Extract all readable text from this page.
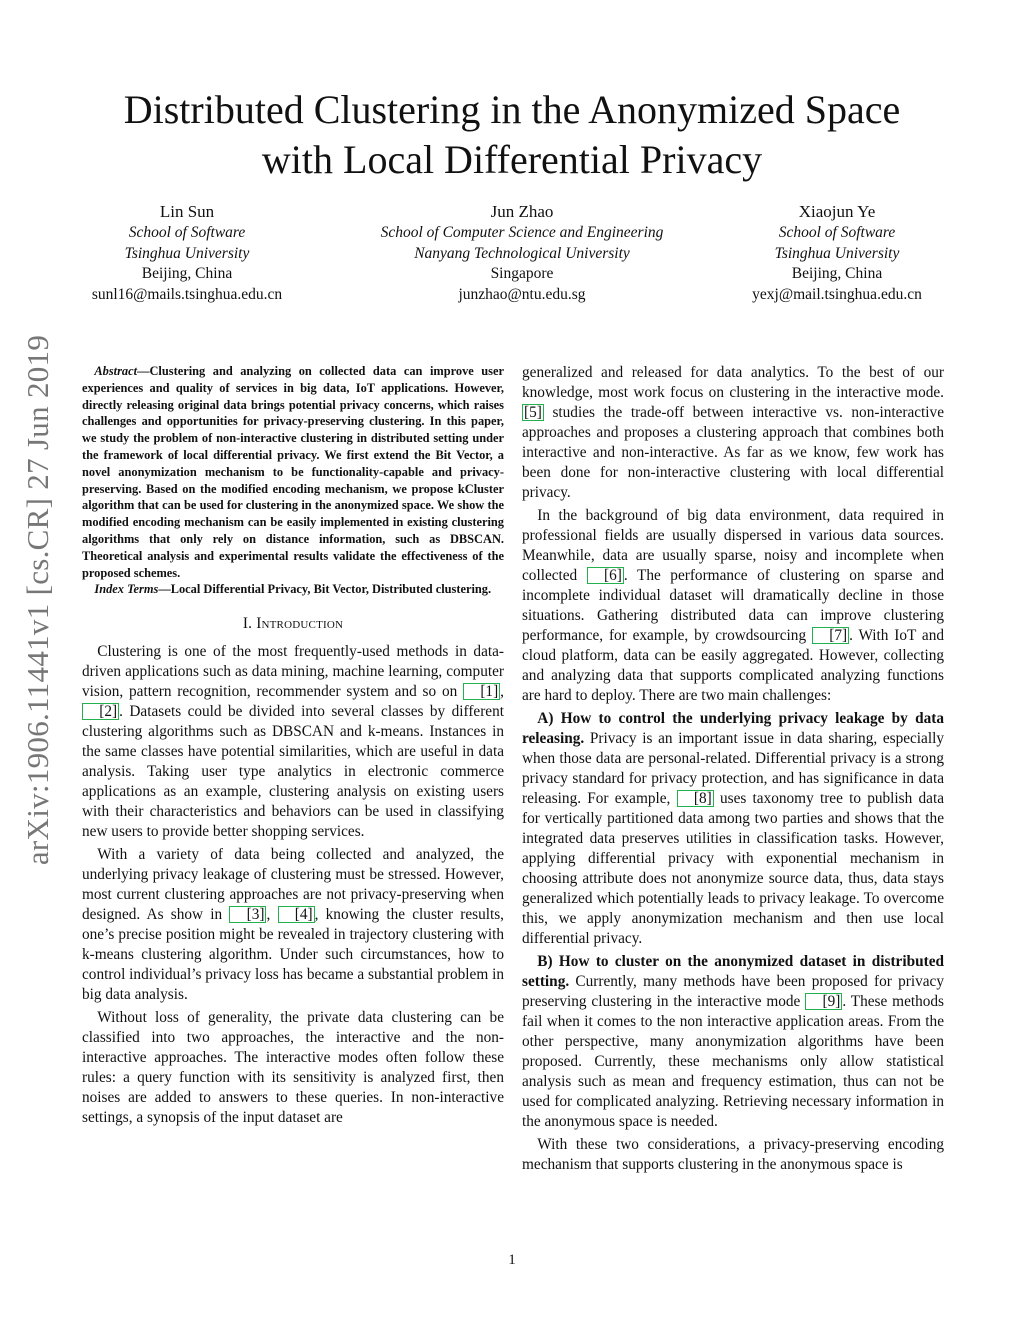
Distributed Clustering in the Anonymized Space
with Local Differential Privacy
Lin Sun
School of Software
Tsinghua University
Beijing, China
sunl16@mails.tsinghua.edu.cn
Jun Zhao
School of Computer Science and Engineering
Nanyang Technological University
Singapore
junzhao@ntu.edu.sg
Xiaojun Ye
School of Software
Tsinghua University
Beijing, China
yexj@mail.tsinghua.edu.cn
arXiv:1906.11441v1 [cs.CR] 27 Jun 2019	Abstract—Clustering and analyzing on collected data can improve user experiences and quality of services in big data, IoT applications. However, directly releasing original data brings potential privacy concerns, which raises challenges and opportunities for privacy-preserving clustering. In this paper, we study the problem of non-interactive clustering in distributed setting under the framework of local differential privacy. We first extend the Bit Vector, a novel anonymization mechanism to be functionality-capable and privacy-preserving. Based on the modified encoding mechanism, we propose kCluster algorithm that can be used for clustering in the anonymized space. We show the modified encoding mechanism can be easily implemented in existing clustering algorithms that only rely on distance information, such as DBSCAN. Theoretical analysis and experimental results validate the effectiveness of the proposed schemes.

Index Terms—Local Differential Privacy, Bit Vector, Distributed clustering.

I. Introduction

Clustering is one of the most frequently-used methods in data-driven applications such as data mining, machine learning, computer vision, pattern recognition, recommender system and so on [1] , [2] . Datasets could be divided into several classes by different clustering algorithms such as DBSCAN and k-means. Instances in the same classes have potential similarities, which are useful in data analysis. Taking user type analytics in electronic commerce applications as an example, clustering analysis on existing users with their characteristics and behaviors can be used in classifying new users to provide better shopping services.

With a variety of data being collected and analyzed, the underlying privacy leakage of clustering must be stressed. However, most current clustering approaches are not privacy-preserving when designed. As show in [3] , [4] , knowing the cluster results, one’s precise position might be revealed in trajectory clustering with k-means clustering algorithm. Under such circumstances, how to control individual’s privacy loss has became a substantial problem in big data analysis.

Without loss of generality, the private data clustering can be classified into two approaches, the interactive and the non-interactive approaches. The interactive modes often follow these rules: a query function with its sensitivity is analyzed first, then noises are added to answers to these queries. In non-interactive settings, a synopsis of the input dataset are

generalized and released for data analytics. To the best of our knowledge, most work focus on clustering in the interactive mode. [5] studies the trade-off between interactive vs. non-interactive approaches and proposes a clustering approach that combines both interactive and non-interactive. As far as we know, few work has been done for non-interactive clustering with local differential privacy.

In the background of big data environment, data required in professional fields are usually dispersed in various data sources. Meanwhile, data are usually sparse, noisy and incomplete when collected [6] . The performance of clustering on sparse and incomplete individual dataset will dramatically decline in those situations. Gathering distributed data can improve clustering performance, for example, by crowdsourcing [7] . With IoT and cloud platform, data can be easily aggregated. However, collecting and analyzing data that supports complicated analyzing functions are hard to deploy. There are two main challenges:

A) How to control the underlying privacy leakage by data releasing. Privacy is an important issue in data sharing, especially when those data are personal-related. Differential privacy is a strong privacy standard for privacy protection, and has significance in data releasing. For example, [8] uses taxonomy tree to publish data for vertically partitioned data among two parties and shows that the integrated data preserves utilities in classification tasks. However, applying differential privacy with exponential mechanism in choosing attribute does not anonymize source data, thus, data stays generalized which potentially leads to privacy leakage. To overcome this, we apply anonymization mechanism and then use local differential privacy.

B) How to cluster on the anonymized dataset in distributed setting. Currently, many methods have been proposed for privacy preserving clustering in the interactive mode [9] . These methods fail when it comes to the non interactive application areas. From the other perspective, many anonymization algorithms have been proposed. Currently, these mechanisms only allow statistical analysis such as mean and frequency estimation, thus can not be used for complicated analyzing. Retrieving necessary information in the anonymous space is needed.

With these two considerations, a privacy-preserving encoding mechanism that supports clustering in the anonymous space is

1
